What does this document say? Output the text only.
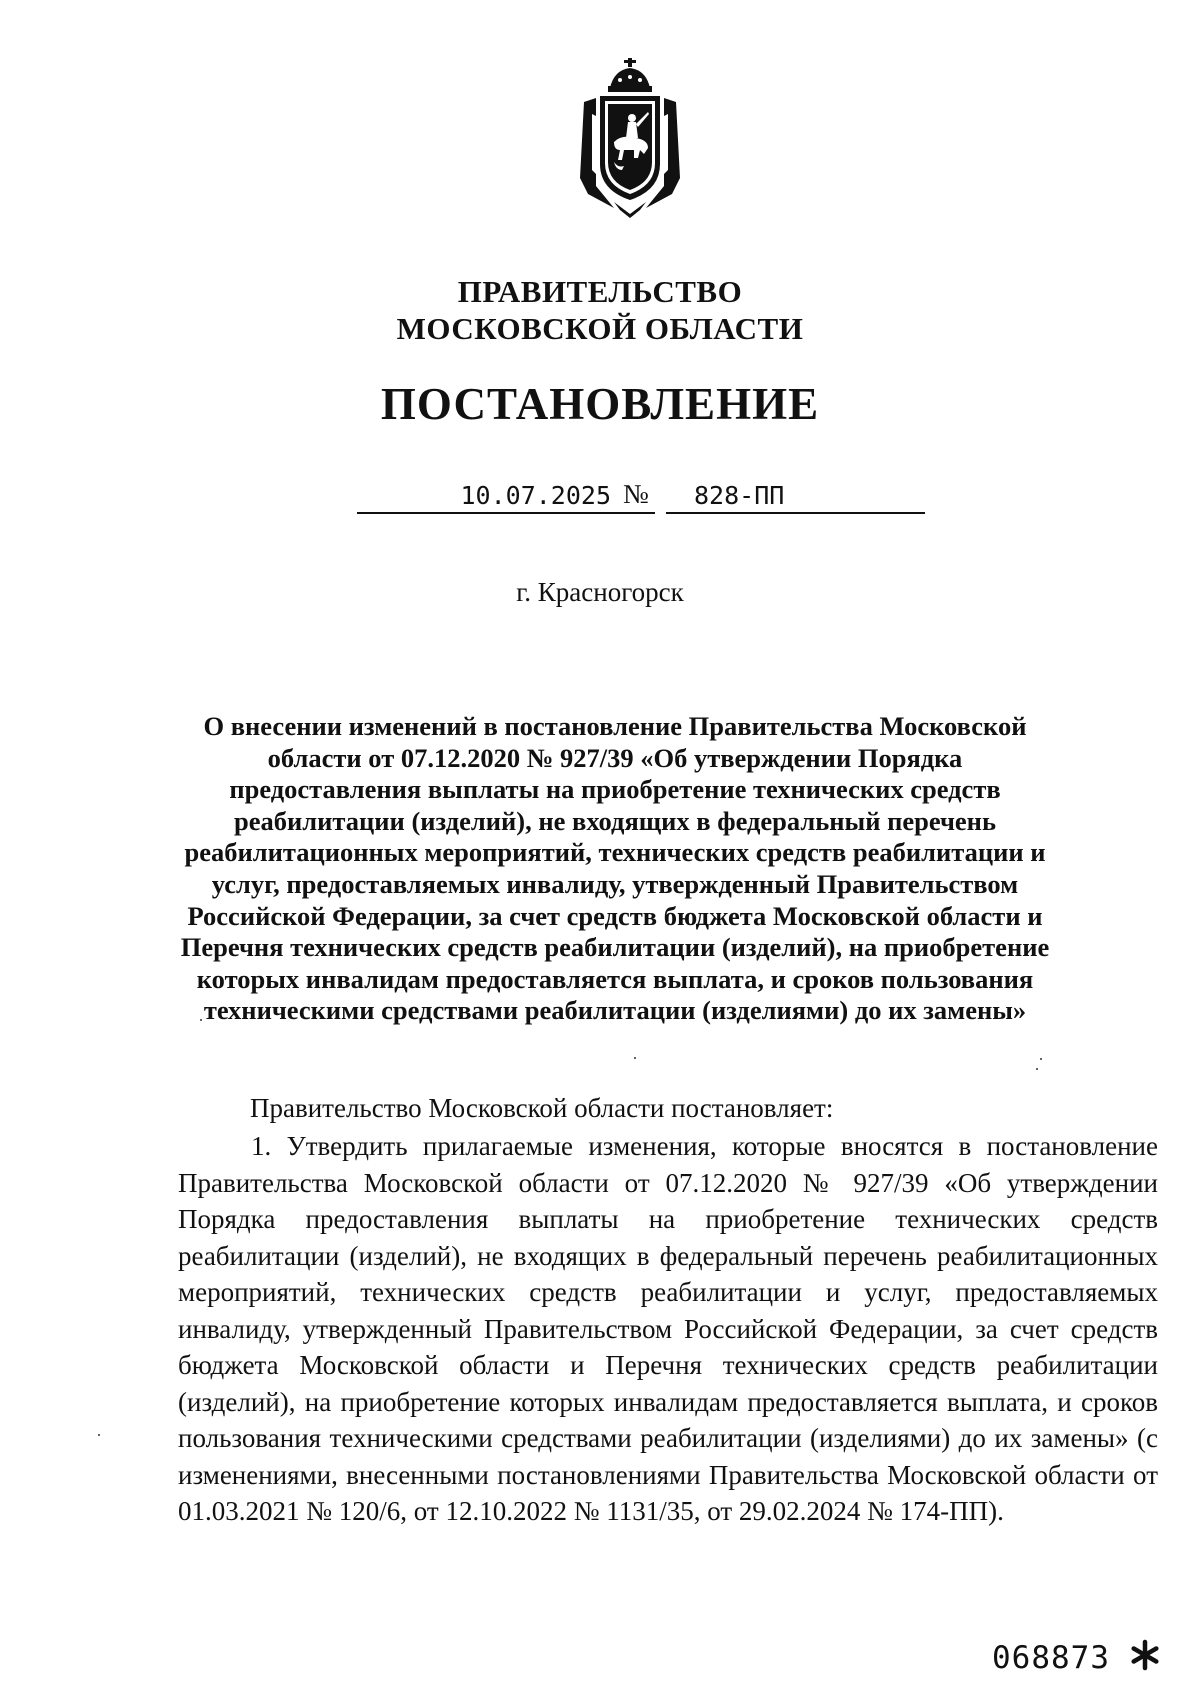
ПРАВИТЕЛЬСТВО
МОСКОВСКОЙ ОБЛАСТИ
ПОСТАНОВЛЕНИЕ
10.07.2025 №	828-ПП
г. Красногорск
О внесении изменений в постановление Правительства Московской области от 07.12.2020 № 927/39 «Об утверждении Порядка предоставления выплаты на приобретение технических средств реабилитации (изделий), не входящих в федеральный перечень реабилитационных мероприятий, технических средств реабилитации и услуг, предоставляемых инвалиду, утвержденный Правительством Российской Федерации, за счет средств бюджета Московской области и Перечня технических средств реабилитации (изделий), на приобретение которых инвалидам предоставляется выплата, и сроков пользования техническими средствами реабилитации (изделиями) до их замены»
Правительство Московской области постановляет:
1. Утвердить прилагаемые изменения, которые вносятся в постановление Правительства Московской области от 07.12.2020 № 927/39 «Об утверждении Порядка предоставления выплаты на приобретение технических средств реабилитации (изделий), не входящих в федеральный перечень реабилитационных мероприятий, технических средств реабилитации и услуг, предоставляемых инвалиду, утвержденный Правительством Российской Федерации, за счет средств бюджета Московской области и Перечня технических средств реабилитации (изделий), на приобретение которых инвалидам предоставляется выплата, и сроков пользования техническими средствами реабилитации (изделиями) до их замены» (с изменениями, внесенными постановлениями Правительства Московской области от 01.03.2021 № 120/6, от 12.10.2022 № 1131/35, от 29.02.2024 № 174-ПП).
068873
